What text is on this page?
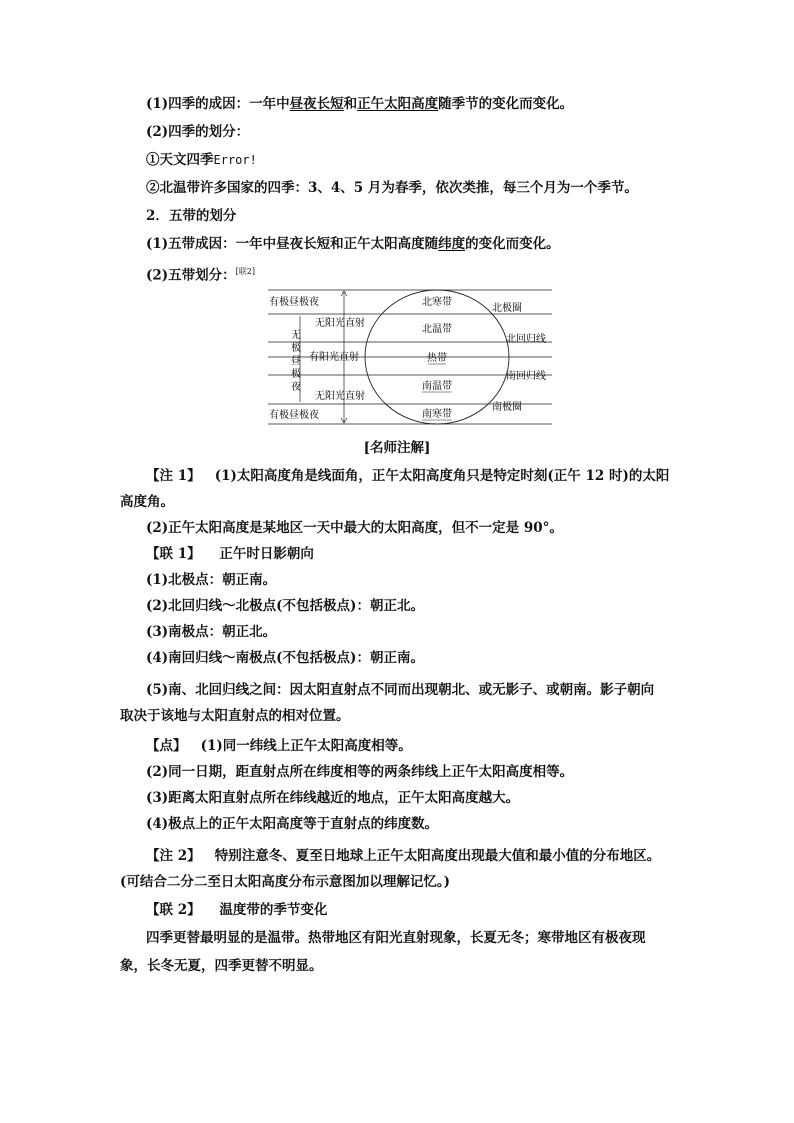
(1)四季的成因：一年中昼夜长短和正午太阳高度随季节的变化而变化。
(2)四季的划分：
①天文四季Error!
②北温带许多国家的四季：3、4、5 月为春季，依次类推，每三个月为一个季节。
2．五带的划分
(1)五带成因：一年中昼夜长短和正午太阳高度随纬度的变化而变化。
(2)五带划分：[联2]
有极昼极夜
有极昼极夜
无阳光直射
有阳光直射
无阳光直射
无
极
昼
极
夜
北寒带
北温带
热带
南温带
南寒带
北极圈
北回归线
南回归线
南极圈
[名师注解]
【注 1】 (1)太阳高度角是线面角，正午太阳高度角只是特定时刻(正午 12 时)的太阳
高度角。
(2)正午太阳高度是某地区一天中最大的太阳高度，但不一定是 90°。
【联 1】 正午时日影朝向
(1)北极点：朝正南。
(2)北回归线～北极点(不包括极点)：朝正北。
(3)南极点：朝正北。
(4)南回归线～南极点(不包括极点)：朝正南。
(5)南、北回归线之间：因太阳直射点不同而出现朝北、或无影子、或朝南。影子朝向
取决于该地与太阳直射点的相对位置。
【点】 (1)同一纬线上正午太阳高度相等。
(2)同一日期，距直射点所在纬度相等的两条纬线上正午太阳高度相等。
(3)距离太阳直射点所在纬线越近的地点，正午太阳高度越大。
(4)极点上的正午太阳高度等于直射点的纬度数。
【注 2】 特别注意冬、夏至日地球上正午太阳高度出现最大值和最小值的分布地区。
(可结合二分二至日太阳高度分布示意图加以理解记忆。)
【联 2】 温度带的季节变化
四季更替最明显的是温带。热带地区有阳光直射现象，长夏无冬；寒带地区有极夜现
象，长冬无夏，四季更替不明显。
